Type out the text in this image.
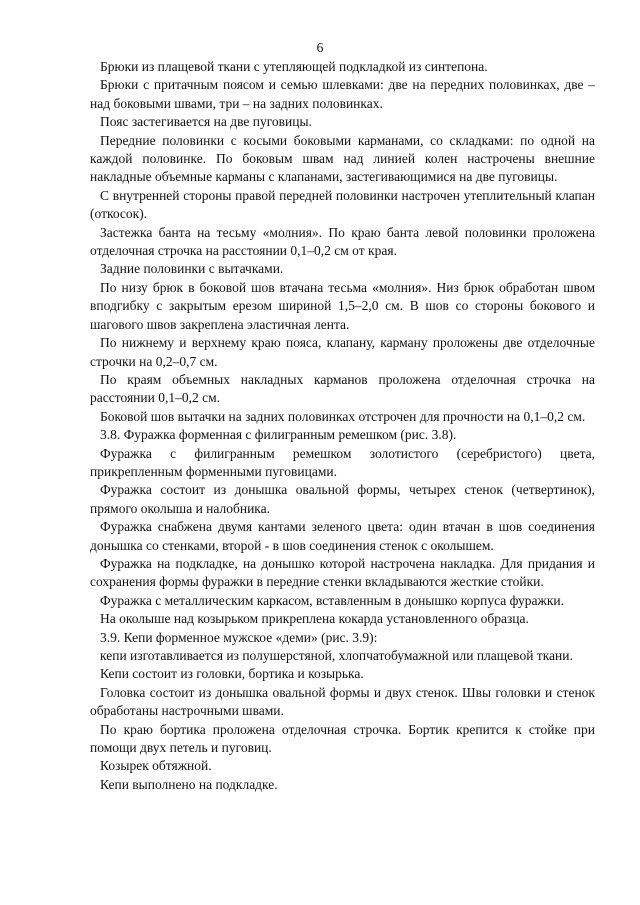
6

Брюки из плащевой ткани с утепляющей подкладкой из синтепона.

Брюки с притачным поясом и семью шлевками: две на передних половинках, две – над боковыми швами, три – на задних половинках.

Пояс застегивается на две пуговицы.

Передние половинки с косыми боковыми карманами, со складками: по одной на каждой половинке. По боковым швам над линией колен настрочены внешние накладные объемные карманы с клапанами, застегивающимися на две пуговицы.

С внутренней стороны правой передней половинки настрочен утеплительный клапан (откосок).

Застежка банта на тесьму «молния». По краю банта левой половинки проложена отделочная строчка на расстоянии 0,1–0,2 см от края.

Задние половинки с вытачками.

По низу брюк в боковой шов втачана тесьма «молния». Низ брюк обработан швом вподгибку с закрытым ерезом шириной 1,5–2,0 см. В шов со стороны бокового и шагового швов закреплена эластичная лента.

По нижнему и верхнему краю пояса, клапану, карману проложены две отделочные строчки на 0,2–0,7 см.

По краям объемных накладных карманов проложена отделочная строчка на расстоянии 0,1–0,2 см.

Боковой шов вытачки на задних половинках отстрочен для прочности на 0,1–0,2 см.

3.8. Фуражка форменная с филигранным ремешком (рис. 3.8).

Фуражка с филигранным ремешком золотистого (серебристого) цвета, прикрепленным форменными пуговицами.

Фуражка состоит из донышка овальной формы, четырех стенок (четвертинок), прямого околыша и налобника.

Фуражка снабжена двумя кантами зеленого цвета: один втачан в шов соединения донышка со стенками, второй - в шов соединения стенок с околышем.

Фуражка на подкладке, на донышко которой настрочена накладка. Для придания и сохранения формы фуражки в передние стенки вкладываются жесткие стойки.

Фуражка с металлическим каркасом, вставленным в донышко корпуса фуражки.

На околыше над козырьком прикреплена кокарда установленного образца.

3.9. Кепи форменное мужское «деми» (рис. 3.9):

кепи изготавливается из полушерстяной, хлопчатобумажной или плащевой ткани.

Кепи состоит из головки, бортика и козырька.

Головка состоит из донышка овальной формы и двух стенок. Швы головки и стенок обработаны настрочными швами.

По краю бортика проложена отделочная строчка. Бортик крепится к стойке при помощи двух петель и пуговиц.

Козырек обтяжной.

Кепи выполнено на подкладке.
